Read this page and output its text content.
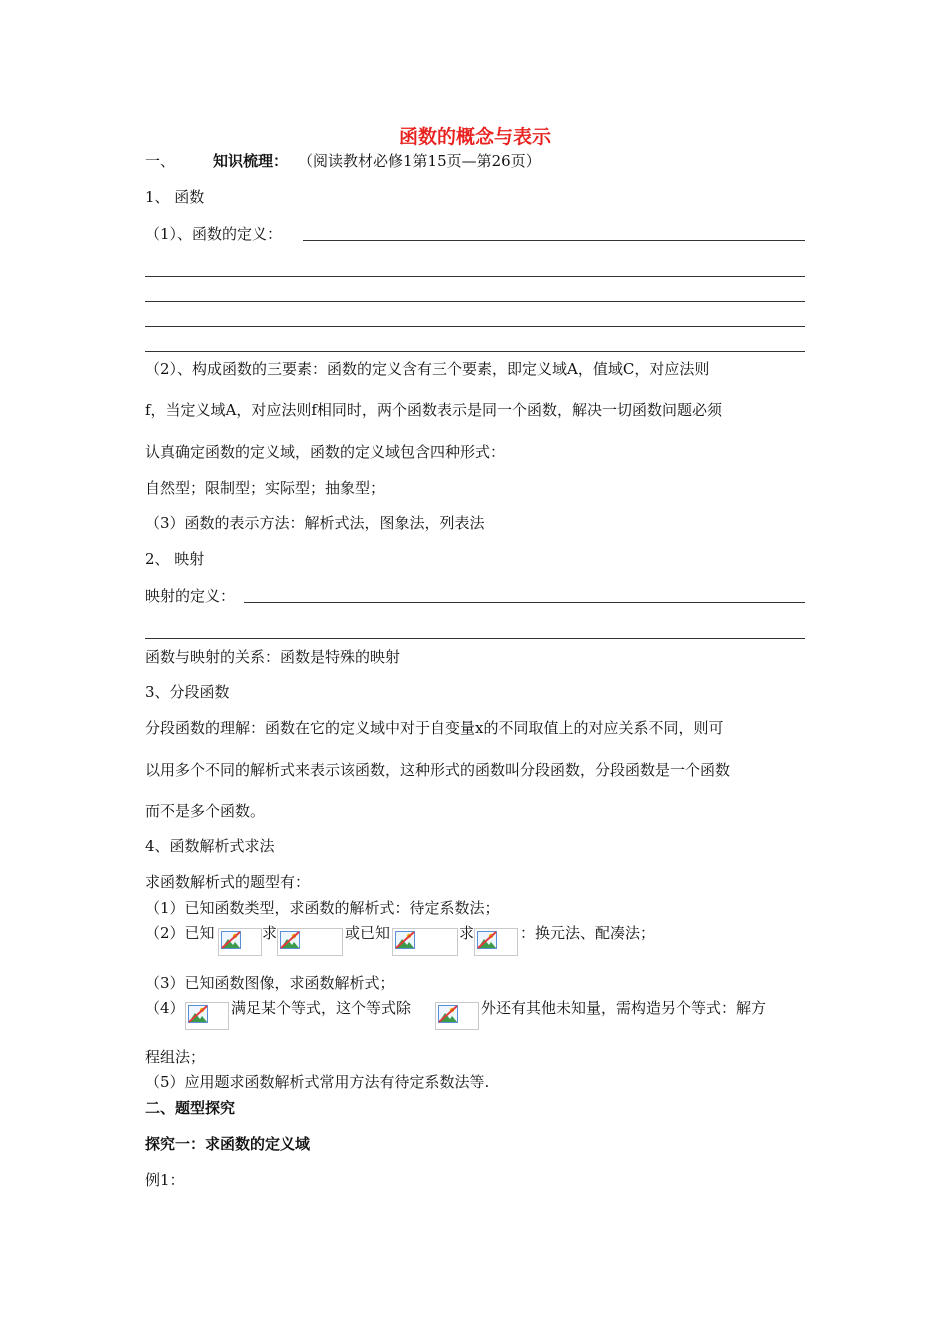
函数的概念与表示
一、	知识梳理： （阅读教材必修1第15页—第26页）
1、 函数
（1）、函数的定义：
（2）、构成函数的三要素：函数的定义含有三个要素，即定义域A，值域C，对应法则
f，当定义域A，对应法则f相同时，两个函数表示是同一个函数，解决一切函数问题必须
认真确定函数的定义域，函数的定义域包含四种形式：
自然型；限制型；实际型；抽象型；
（3）函数的表示方法：解析式法，图象法，列表法
2、 映射
映射的定义：
函数与映射的关系：函数是特殊的映射
3、分段函数
分段函数的理解：函数在它的定义域中对于自变量x的不同取值上的对应关系不同，则可
以用多个不同的解析式来表示该函数，这种形式的函数叫分段函数，分段函数是一个函数
而不是多个函数。
4、函数解析式求法
求函数解析式的题型有：
（1）已知函数类型，求函数的解析式：待定系数法；
（2）已知	求	或已知	求	：换元法、配凑法；
（3）已知函数图像，求函数解析式；
（4）	满足某个等式，这个等式除	外还有其他未知量，需构造另个等式：解方
程组法；
（5）应用题求函数解析式常用方法有待定系数法等.
二、题型探究
探究一：求函数的定义域
例1：
